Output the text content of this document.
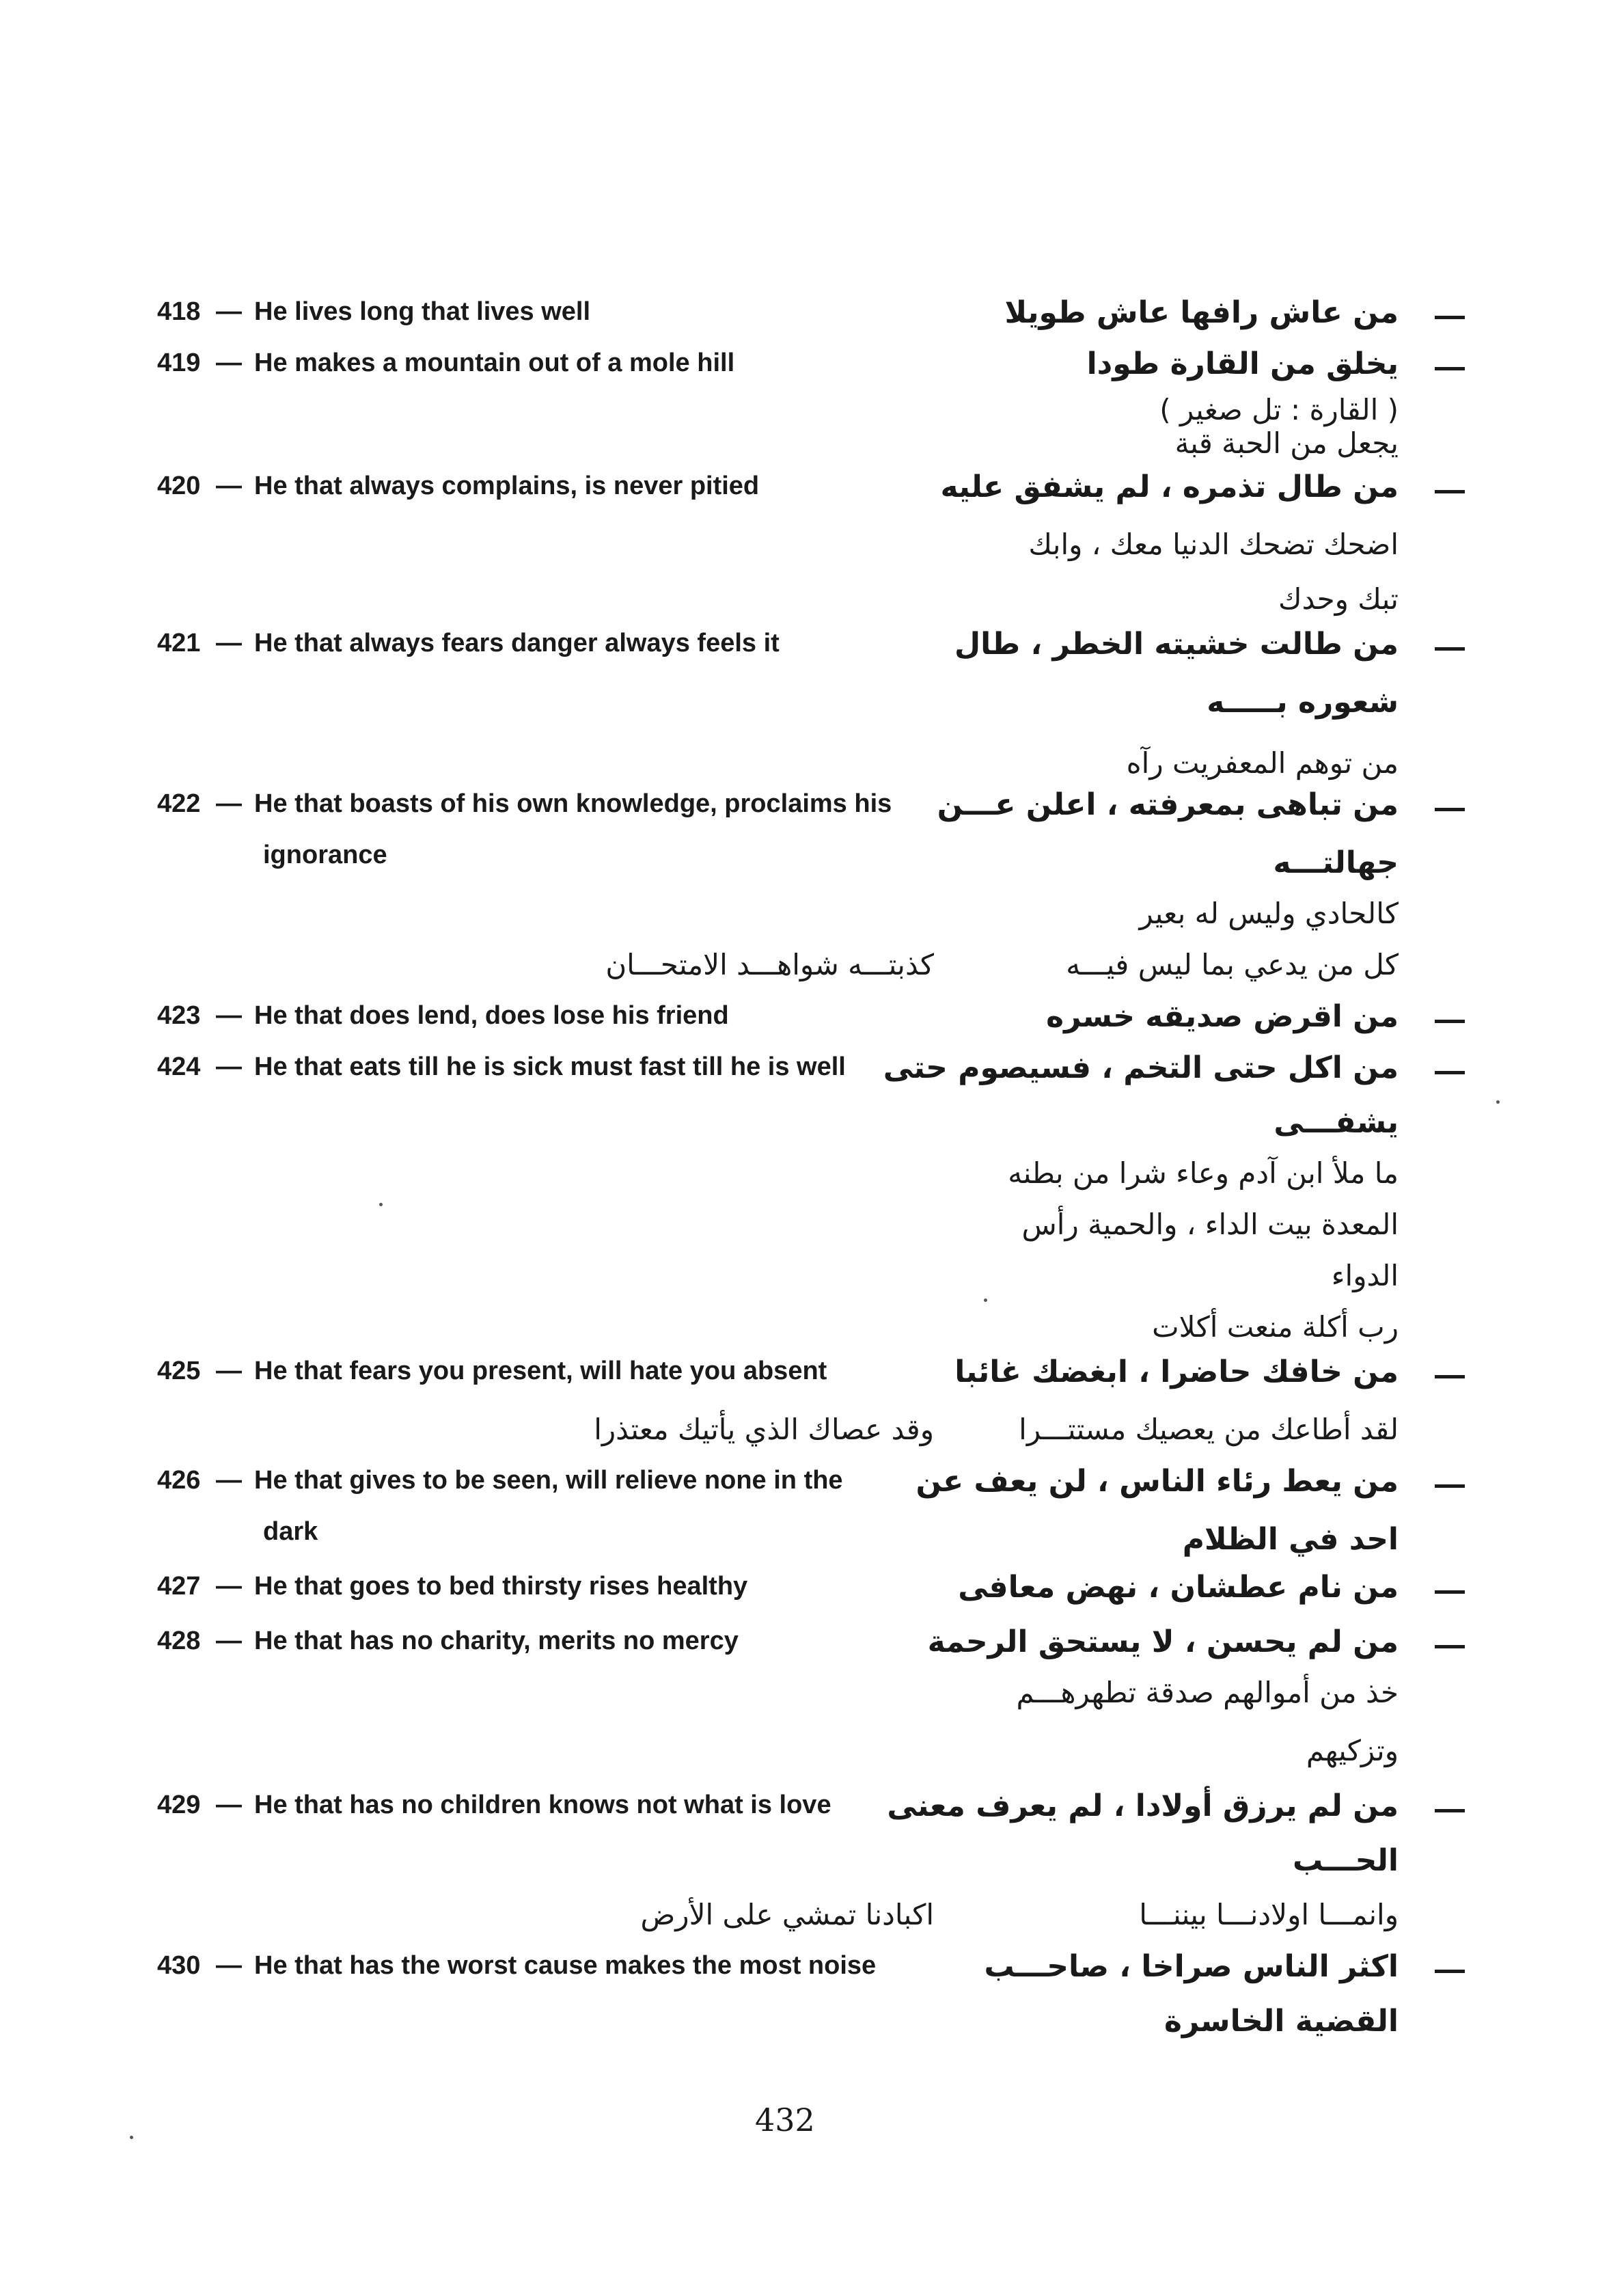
418 — He lives long that lives well	من عاش رافها عاش طويلا
419 — He makes a mountain out of a mole hill	يخلق من القارة طودا
( القارة : تل صغير )
يجعل من الحبة قبة
420 — He that always complains, is never pitied	من طال تذمره ، لم يشفق عليه
اضحك تضحك الدنيا معك ، وابك
تبك وحدك
421 — He that always fears danger always feels it	من طالت خشيته الخطر ، طال
شعوره بـــــه
من توهم المعفريت رآه
422 — He that boasts of his own knowledge, proclaims his
ignorance
من تباهى بمعرفته ، اعلن عـــن
جهالتـــه
كالحادي وليس له بعير
كل من يدعي بما ليس فيـــه
كذبتـــه شواهـــد الامتحـــان
423 — He that does lend, does lose his friend	من اقرض صديقه خسره
424 — He that eats till he is sick must fast till he is well من اكل حتى التخم ، فسيصوم حتى
يشفـــى
ما ملأ ابن آدم وعاء شرا من بطنه
المعدة بيت الداء ، والحمية رأس
الدواء
رب أكلة منعت أكلات
425 — He that fears you present, will hate you absent	من خافك حاضرا ، ابغضك غائبا
لقد أطاعك من يعصيك مستتـــرا
وقد عصاك الذي يأتيك معتذرا
426 — He that gives to be seen, will relieve none in the
dark
من يعط رئاء الناس ، لن يعف عن
احد في الظلام
427 — He that goes to bed thirsty rises healthy	من نام عطشان ، نهض معافى
428 — He that has no charity, merits no mercy	من لم يحسن ، لا يستحق الرحمة
خذ من أموالهم صدقة تطهرهـــم
وتزكيهم
429 — He that has no children knows not what is love من لم يرزق أولادا ، لم يعرف معنى
الحـــب
وانمـــا اولادنـــا بيننـــا
اكبادنا تمشي على الأرض
430 — He that has the worst cause makes the most noise	اكثر الناس صراخا ، صاحـــب
القضية الخاسرة
432
